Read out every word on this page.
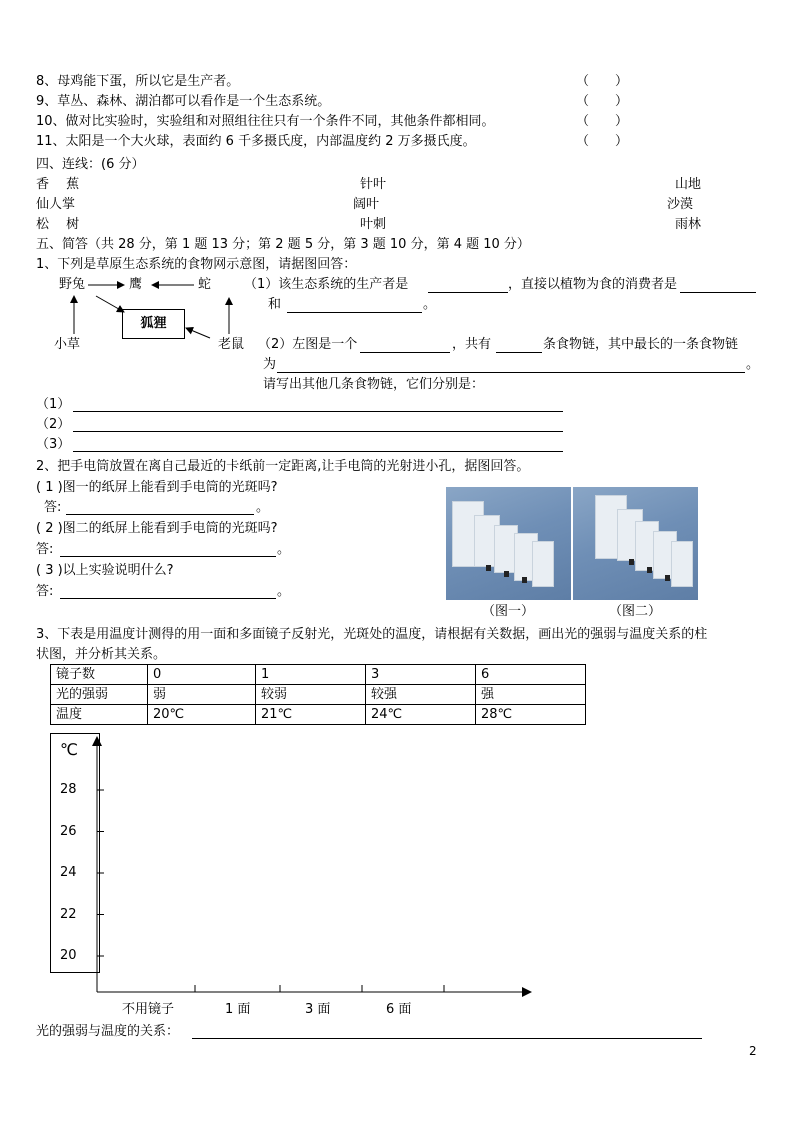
8、母鸡能下蛋，所以它是生产者。	（　　）
9、草丛、森林、湖泊都可以看作是一个生态系统。	（　　）
10、做对比实验时，实验组和对照组往往只有一个条件不同，其他条件都相同。	（　　）
11、太阳是一个大火球，表面约 6 千多摄氏度，内部温度约 2 万多摄氏度。	（　　）
四、连线：(6 分）
香　 蕉
仙人掌
松　 树
针叶
阔叶
叶刺
山地
沙漠
雨林
五、简答（共 28 分，第 1 题 13 分；第 2 题 5 分，第 3 题 10 分，第 4 题 10 分）
1、下列是草原生态系统的食物网示意图，请据图回答：
野兔	鹰	蛇
狐狸
小草	老鼠
（1）该生态系统的生产者是	，直接以植物为食的消费者是
和	。
（2）左图是一个	，共有	条食物链，其中最长的一条食物链
为	。
请写出其他几条食物链，它们分别是：
（1）
（2）
（3）
2、把手电筒放置在离自己最近的卡纸前一定距离,让手电筒的光射进小孔，据图回答。
( 1 )图一的纸屏上能看到手电筒的光斑吗?
答:	。
( 2 )图二的纸屏上能看到手电筒的光斑吗?
答:	。
( 3 )以上实验说明什么?
答:	。
（图一）	（图二）
3、下表是用温度计测得的用一面和多面镜子反射光，光斑处的温度，请根据有关数据，画出光的强弱与温度关系的柱
状图，并分析其关系。
镜子数	0	1	3	6
光的强弱	弱	较弱	较强	强
温度	20℃	21℃	24℃	28℃
℃
28
26
24
22
20
不用镜子	1 面	3 面	6 面
光的强弱与温度的关系：
2
